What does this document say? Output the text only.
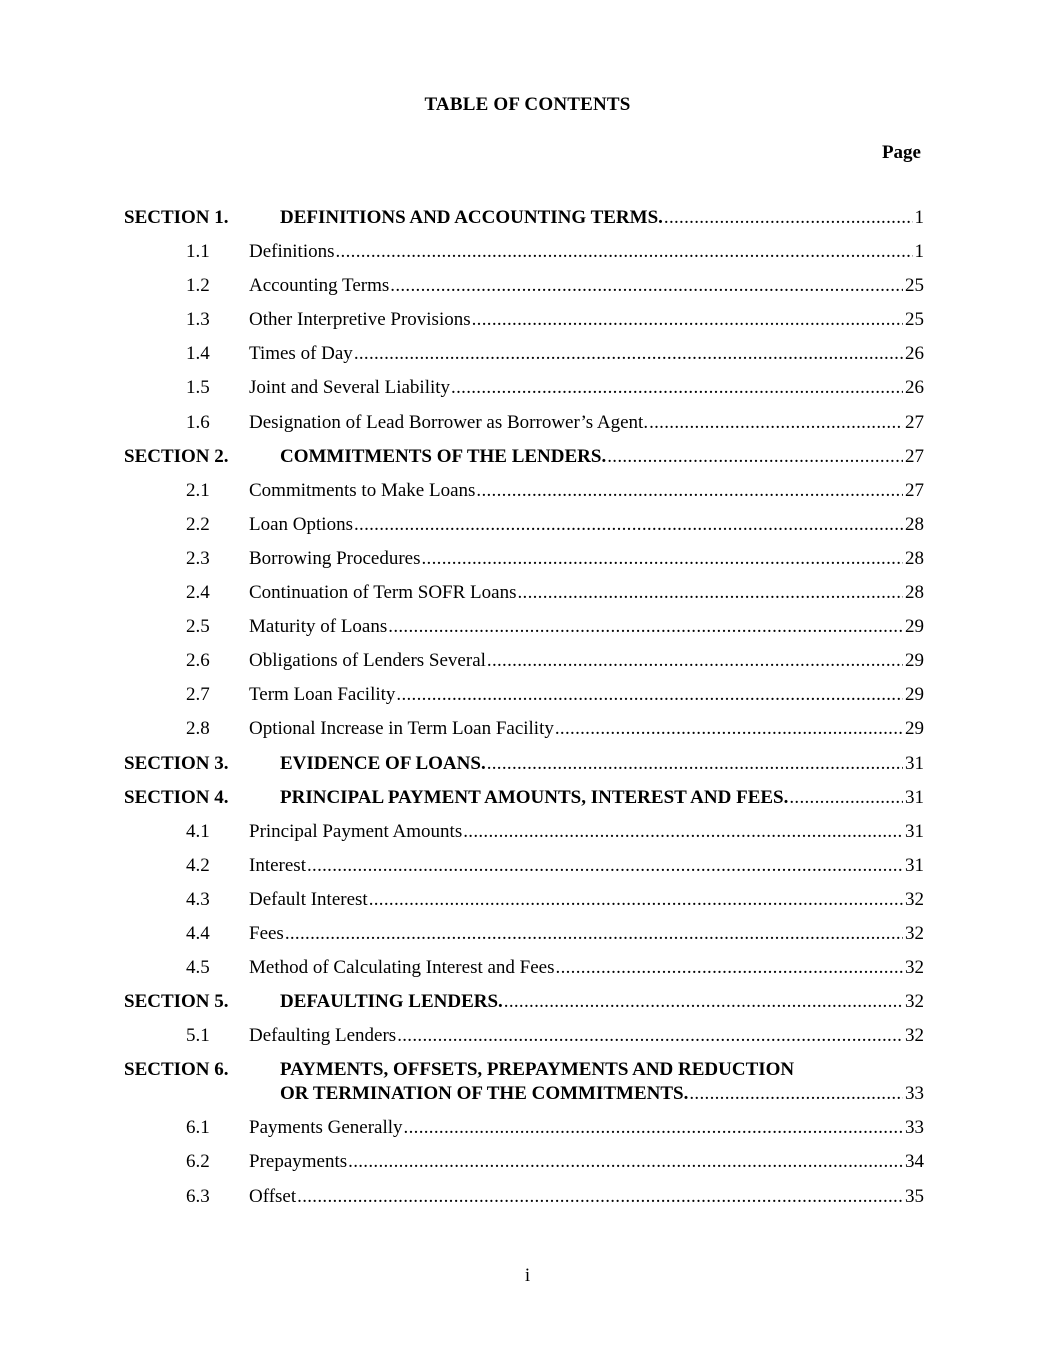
TABLE OF CONTENTS
Page
SECTION 1.	DEFINITIONS AND ACCOUNTING TERMS. .....	1
1.1 Definitions .....	1
1.2 Accounting Terms .....	25
1.3 Other Interpretive Provisions .....	25
1.4 Times of Day .....	26
1.5 Joint and Several Liability .....	26
1.6 Designation of Lead Borrower as Borrower’s Agent. .....	27
SECTION 2.	COMMITMENTS OF THE LENDERS. .....	27
2.1 Commitments to Make Loans .....	27
2.2 Loan Options .....	28
2.3 Borrowing Procedures .....	28
2.4 Continuation of Term SOFR Loans .....	28
2.5 Maturity of Loans .....	29
2.6 Obligations of Lenders Several .....	29
2.7 Term Loan Facility .....	29
2.8 Optional Increase in Term Loan Facility .....	29
SECTION 3.	EVIDENCE OF LOANS. .....	31
SECTION 4.	PRINCIPAL PAYMENT AMOUNTS, INTEREST AND FEES. .....	31
4.1 Principal Payment Amounts .....	31
4.2 Interest .....	31
4.3 Default Interest .....	32
4.4 Fees .....	32
4.5 Method of Calculating Interest and Fees .....	32
SECTION 5.	DEFAULTING LENDERS. .....	32
5.1 Defaulting Lenders .....	32
SECTION 6.	PAYMENTS, OFFSETS, PREPAYMENTS AND REDUCTION
OR TERMINATION OF THE COMMITMENTS. .....	33
6.1 Payments Generally .....	33
6.2 Prepayments .....	34
6.3 Offset .....	35
i
